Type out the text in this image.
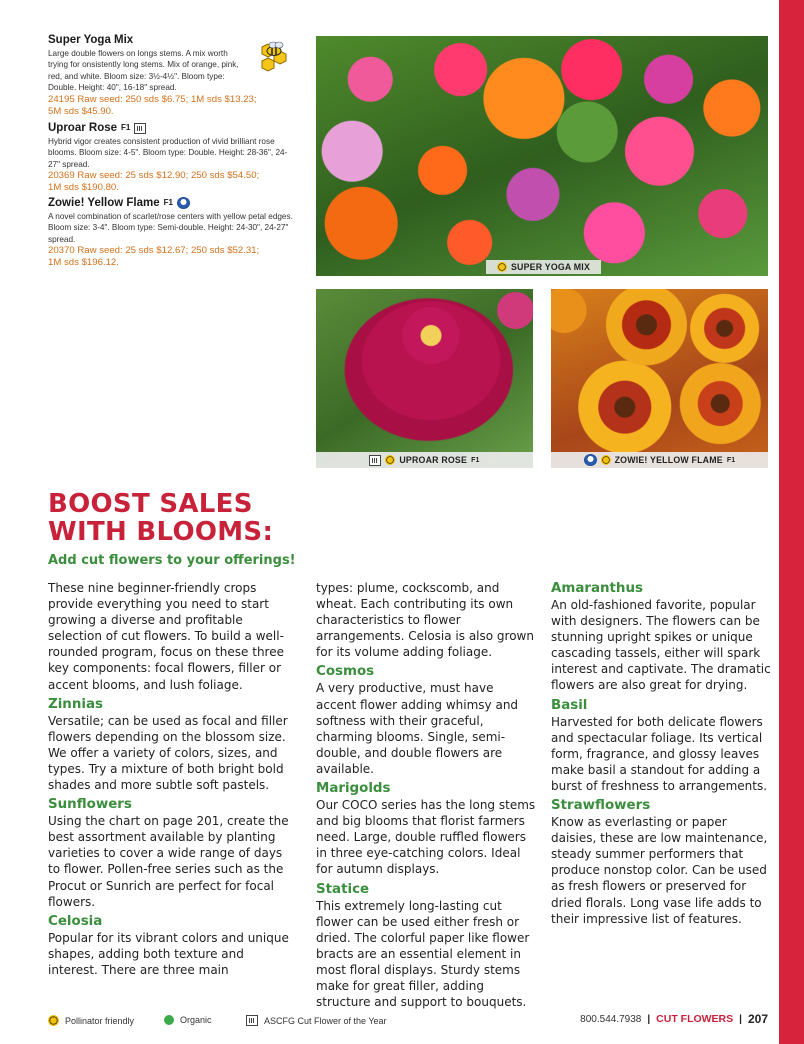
Super Yoga Mix
Large double flowers on longs stems. A mix worth trying for onsistently long stems. Mix of orange, pink, red, and white. Bloom size: 3½-4½". Bloom type: Double. Height: 40", 16-18" spread.
24195 Raw seed: 250 sds $6.75; 1M sds $13.23;
5M sds $45.90.
Uproar Rose F1
Hybrid vigor creates consistent production of vivid brilliant rose blooms. Bloom size: 4-5". Bloom type: Double. Height: 28-36", 24-27" spread.
20369 Raw seed: 25 sds $12.90; 250 sds $54.50;
1M sds $190.80.
Zowie! Yellow Flame F1
A novel combination of scarlet/rose centers with yellow petal edges. Bloom size: 3-4". Bloom type: Semi-double. Height: 24-30", 24-27" spread.
20370 Raw seed: 25 sds $12.67; 250 sds $52.31;
1M sds $196.12.	SUPER YOGA MIX
UPROAR ROSE F1	ZOWIE! YELLOW FLAME F1
BOOST SALES
WITH BLOOMS:
Add cut flowers to your offerings!

These nine beginner-friendly crops provide everything you need to start growing a diverse and profitable selection of cut flowers. To build a well-rounded program, focus on these three key components: focal flowers, filler or accent blooms, and lush foliage.

Zinnias

Versatile; can be used as focal and filler flowers depending on the blossom size. We offer a variety of colors, sizes, and types. Try a mixture of both bright bold shades and more subtle soft pastels.

Sunflowers

Using the chart on page 201, create the best assortment available by planting varieties to cover a wide range of days to flower. Pollen-free series such as the Procut or Sunrich are perfect for focal flowers.

Celosia

Popular for its vibrant colors and unique shapes, adding both texture and interest. There are three main

types: plume, cockscomb, and wheat. Each contributing its own characteristics to flower arrangements. Celosia is also grown for its volume adding foliage.

Cosmos

A very productive, must have accent flower adding whimsy and softness with their graceful, charming blooms. Single, semi-double, and double flowers are available.

Marigolds

Our COCO series has the long stems and big blooms that florist farmers need. Large, double ruffled flowers in three eye-catching colors. Ideal for autumn displays.

Statice

This extremely long-lasting cut flower can be used either fresh or dried. The colorful paper like flower bracts are an essential element in most floral displays. Sturdy stems make for great filler, adding structure and support to bouquets.

Amaranthus

An old-fashioned favorite, popular with designers. The flowers can be stunning upright spikes or unique cascading tassels, either will spark interest and captivate. The dramatic flowers are also great for drying.

Basil

Harvested for both delicate flowers and spectacular foliage. Its vertical form, fragrance, and glossy leaves make basil a standout for adding a burst of freshness to arrangements.

Strawflowers

Know as everlasting or paper daisies, these are low maintenance, steady summer performers that produce nonstop color. Can be used as fresh flowers or preserved for dried florals. Long vase life adds to their impressive list of features.

Pollinator friendly	Organic	ASCFG Cut Flower of the Year	800.544.7938 | CUT FLOWERS | 207
